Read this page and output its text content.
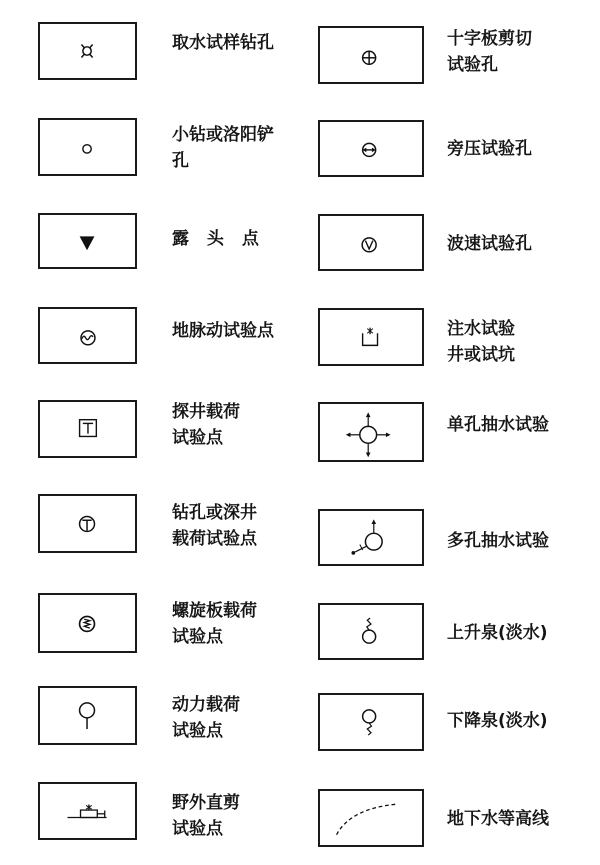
取水试样钻孔
小钻或洛阳铲
孔
露 头 点
地脉动试验点
探井载荷
试验点
钻孔或深井
载荷试验点
螺旋板载荷
试验点
动力载荷
试验点
野外直剪
试验点
十字板剪切
试验孔
旁压试验孔
波速试验孔
注水试验
井或试坑
单孔抽水试验
多孔抽水试验
上升泉(淡水)
下降泉(淡水)
地下水等高线
